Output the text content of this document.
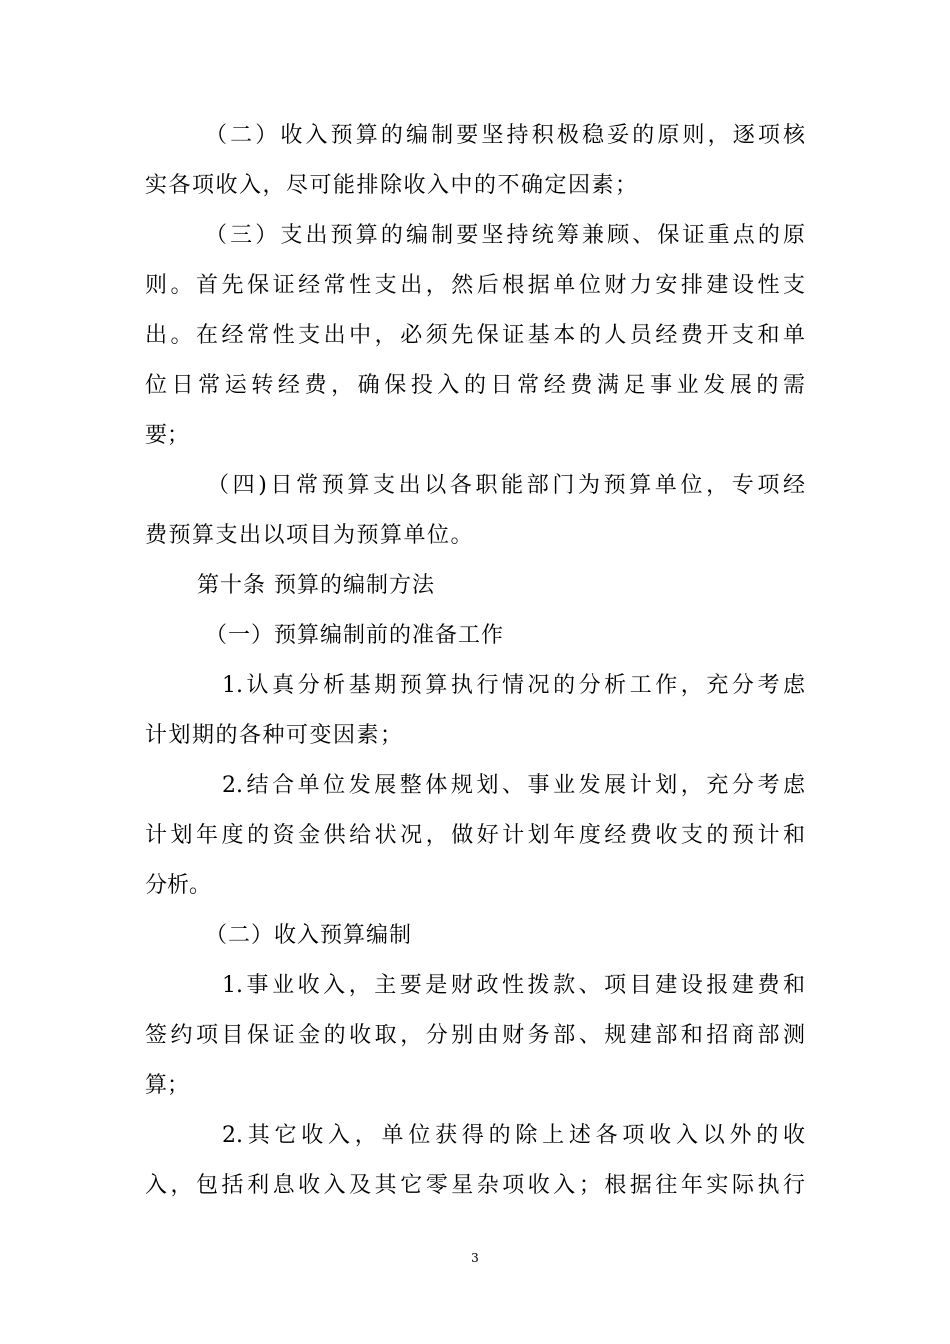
（二）收入预算的编制要坚持积极稳妥的原则，逐项核
实各项收入，尽可能排除收入中的不确定因素；
（三）支出预算的编制要坚持统筹兼顾、保证重点的原
则。首先保证经常性支出，然后根据单位财力安排建设性支
出。在经常性支出中，必须先保证基本的人员经费开支和单
位日常运转经费，确保投入的日常经费满足事业发展的需
要；
（四)日常预算支出以各职能部门为预算单位，专项经
费预算支出以项目为预算单位。
第十条 预算的编制方法
（一）预算编制前的准备工作
1.认真分析基期预算执行情况的分析工作，充分考虑
计划期的各种可变因素；
2.结合单位发展整体规划、事业发展计划，充分考虑
计划年度的资金供给状况，做好计划年度经费收支的预计和
分析。
（二）收入预算编制
1.事业收入，主要是财政性拨款、项目建设报建费和
签约项目保证金的收取，分别由财务部、规建部和招商部测
算；
2.其它收入，单位获得的除上述各项收入以外的收
入，包括利息收入及其它零星杂项收入；根据往年实际执行
3
